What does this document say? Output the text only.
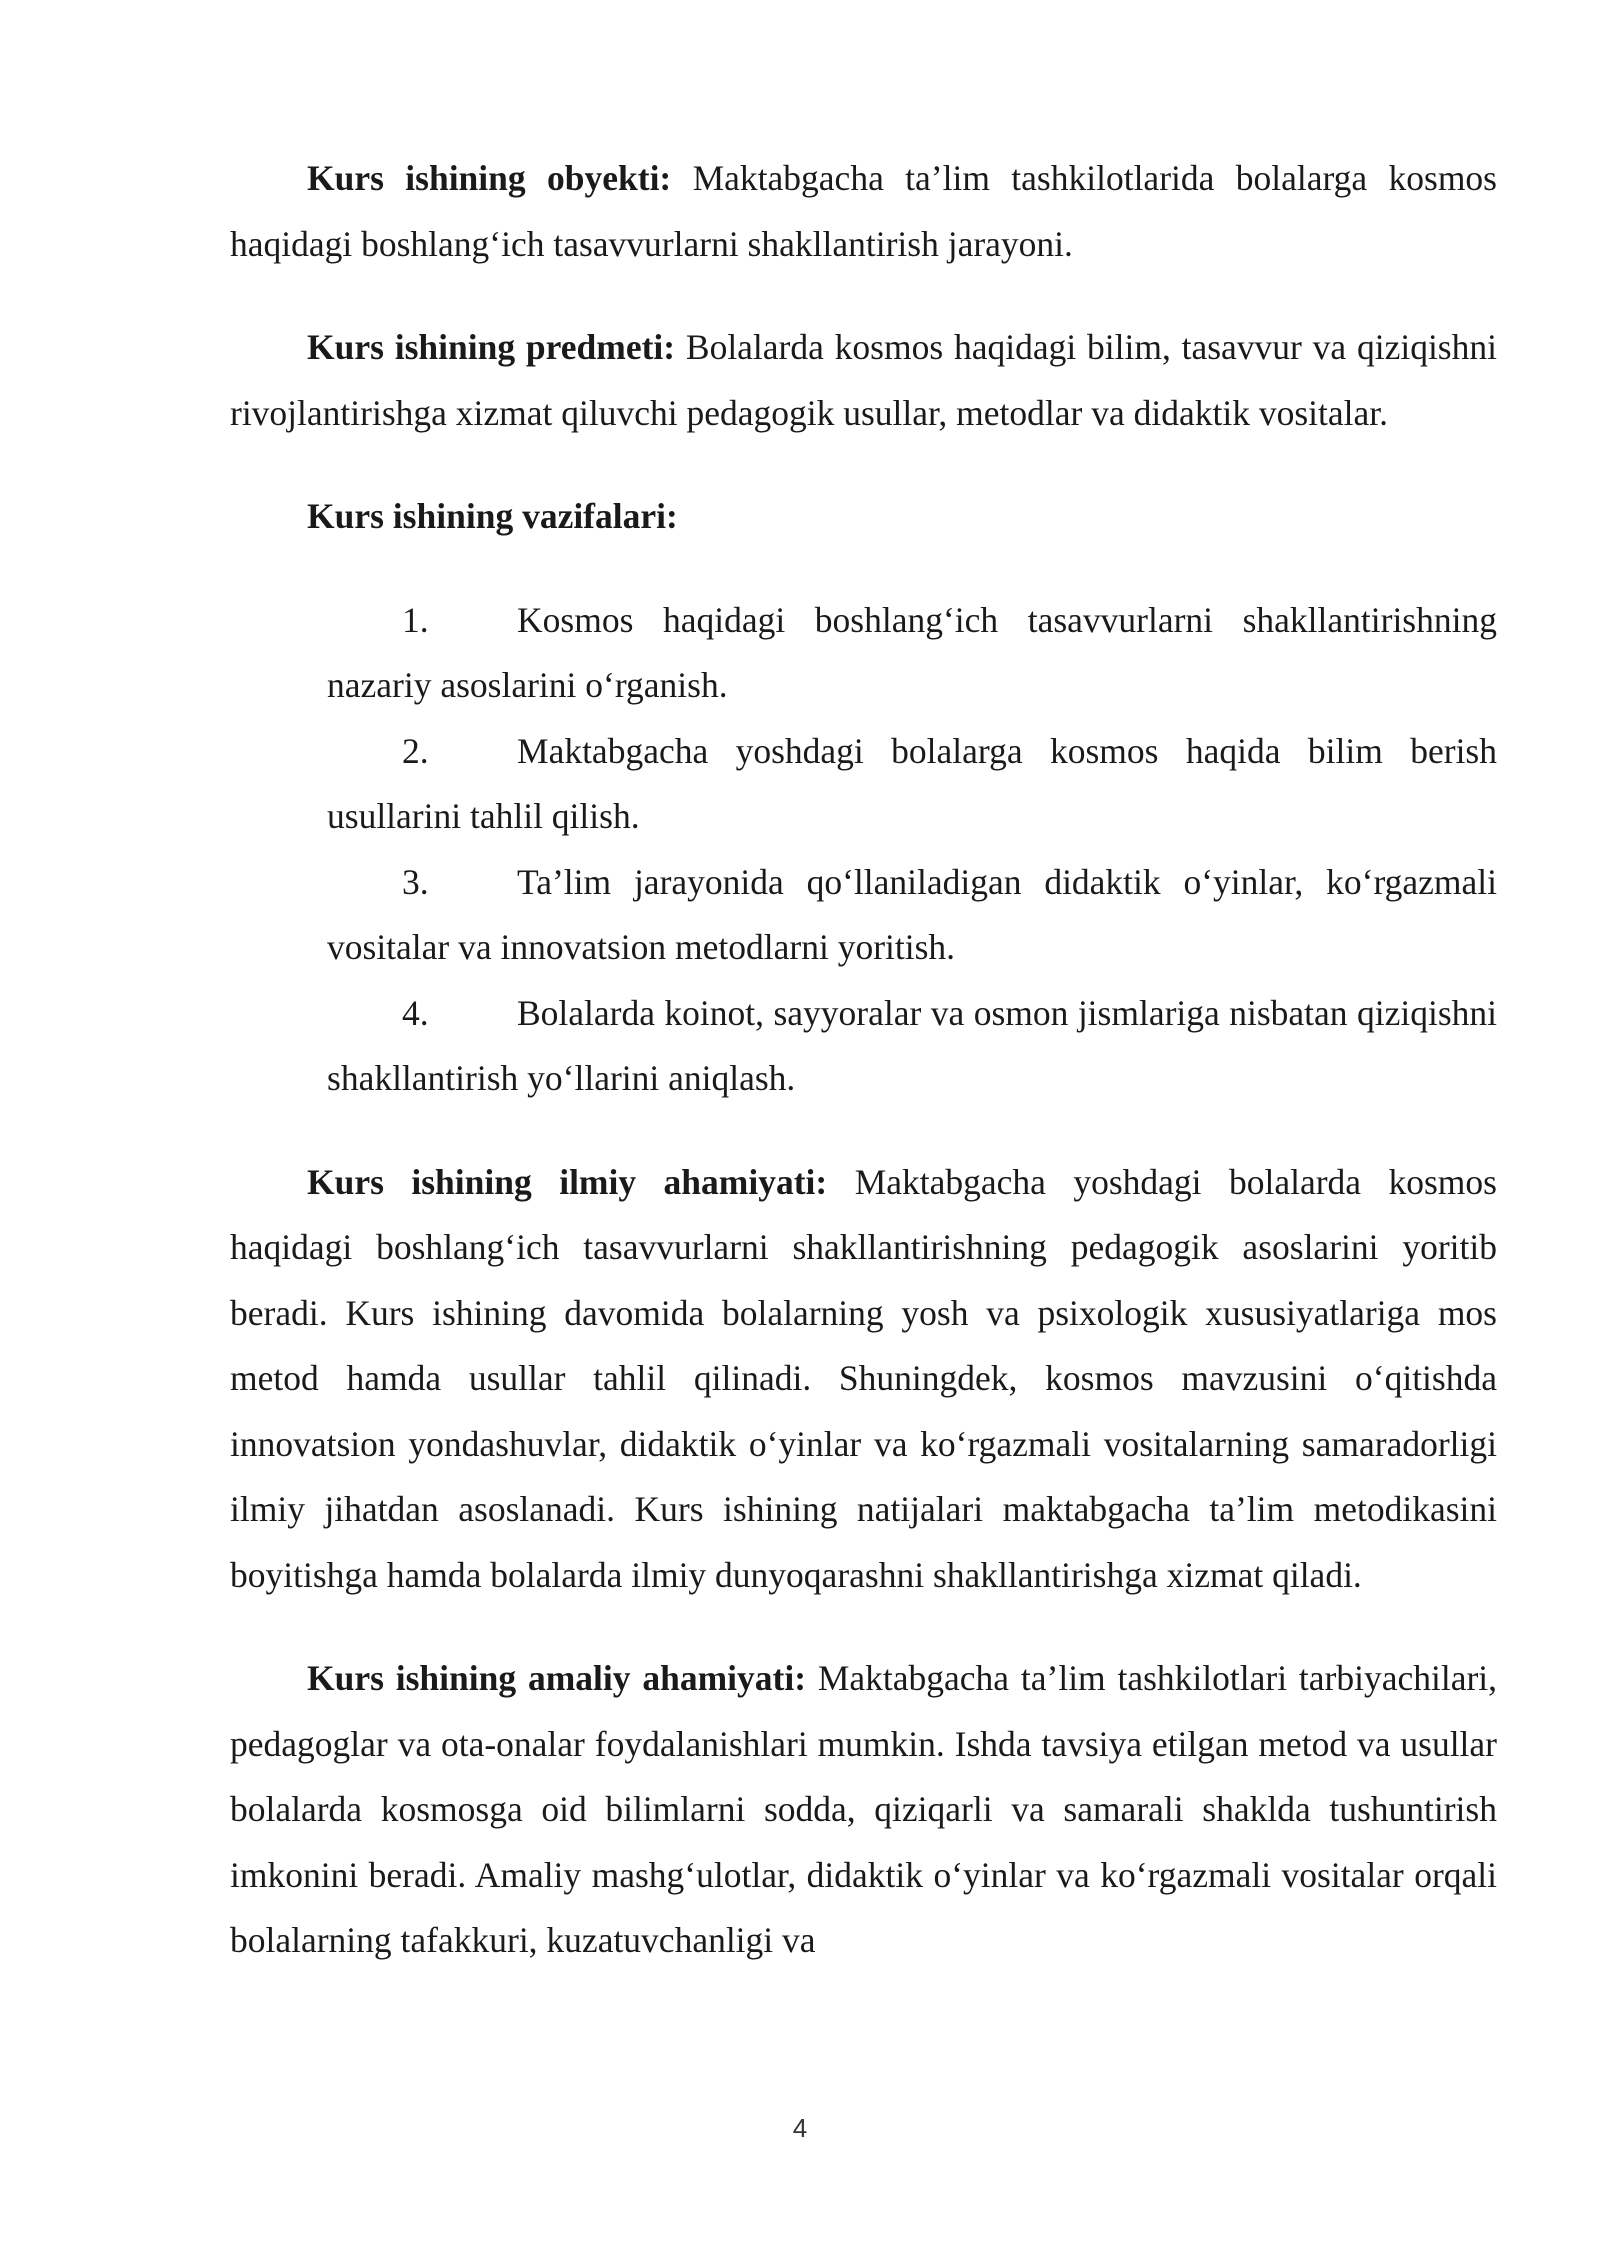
Kurs ishining obyekti: Maktabgacha ta’lim tashkilotlarida bolalarga kosmos haqidagi boshlang‘ich tasavvurlarni shakllantirish jarayoni.

Kurs ishining predmeti: Bolalarda kosmos haqidagi bilim, tasavvur va qiziqishni rivojlantirishga xizmat qiluvchi pedagogik usullar, metodlar va didaktik vositalar.

Kurs ishining vazifalari:

1. Kosmos haqidagi boshlang‘ich tasavvurlarni shakllantirishning nazariy asoslarini o‘rganish.
2. Maktabgacha yoshdagi bolalarga kosmos haqida bilim berish usullarini tahlil qilish.
3. Ta’lim jarayonida qo‘llaniladigan didaktik o‘yinlar, ko‘rgazmali vositalar va innovatsion metodlarni yoritish.
4. Bolalarda koinot, sayyoralar va osmon jismlariga nisbatan qiziqishni shakllantirish yo‘llarini aniqlash.

Kurs ishining ilmiy ahamiyati: Maktabgacha yoshdagi bolalarda kosmos haqidagi boshlang‘ich tasavvurlarni shakllantirishning pedagogik asoslarini yoritib beradi. Kurs ishining davomida bolalarning yosh va psixologik xususiyatlariga mos metod hamda usullar tahlil qilinadi. Shuningdek, kosmos mavzusini o‘qitishda innovatsion yondashuvlar, didaktik o‘yinlar va ko‘rgazmali vositalarning samaradorligi ilmiy jihatdan asoslanadi. Kurs ishining natijalari maktabgacha ta’lim metodikasini boyitishga hamda bolalarda ilmiy dunyoqarashni shakllantirishga xizmat qiladi.

Kurs ishining amaliy ahamiyati: Maktabgacha ta’lim tashkilotlari tarbiyachilari, pedagoglar va ota-onalar foydalanishlari mumkin. Ishda tavsiya etilgan metod va usullar bolalarda kosmosga oid bilimlarni sodda, qiziqarli va samarali shaklda tushuntirish imkonini beradi. Amaliy mashg‘ulotlar, didaktik o‘yinlar va ko‘rgazmali vositalar orqali bolalarning tafakkuri, kuzatuvchanligi va

4
